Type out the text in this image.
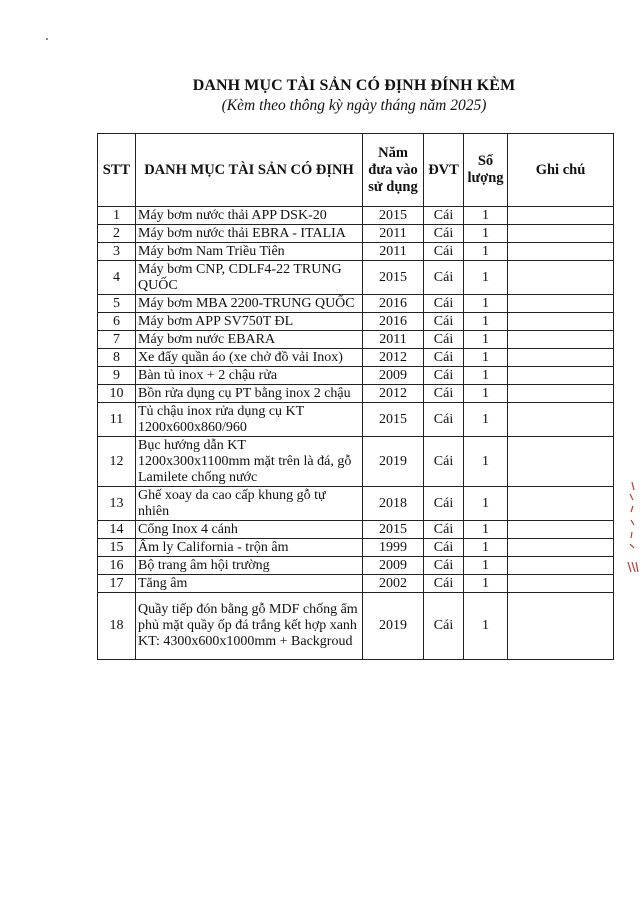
DANH MỤC TÀI SẢN CÓ ĐỊNH ĐÍNH KÈM
(Kèm theo thông kỳ ngày tháng năm 2025)
STT	DANH MỤC TÀI SẢN CÓ ĐỊNH	Năm đưa vào sử dụng	ĐVT	Số lượng	Ghi chú
1	Máy bơm nước thải APP DSK-20	2015	Cái	1	
2	Máy bơm nước thải EBRA - ITALIA	2011	Cái	1	
3	Máy bơm Nam Triều Tiên	2011	Cái	1	
4	Máy bơm CNP, CDLF4-22 TRUNG QUỐC	2015	Cái	1	
5	Máy bơm MBA 2200-TRUNG QUỐC	2016	Cái	1	
6	Máy bơm APP SV750T ĐL	2016	Cái	1	
7	Máy bơm nước EBARA	2011	Cái	1	
8	Xe đẩy quần áo (xe chở đồ vải Inox)	2012	Cái	1	
9	Bàn tủ inox + 2 chậu rửa	2009	Cái	1	
10	Bồn rửa dụng cụ PT bằng inox 2 chậu	2012	Cái	1	
11	Tủ chậu inox rửa dụng cụ KT 1200x600x860/960	2015	Cái	1	
12	Bục hướng dẫn KT 1200x300x1100mm mặt trên là đá, gỗ Lamilete chống nước	2019	Cái	1	
13	Ghế xoay da cao cấp khung gỗ tự nhiên	2018	Cái	1	
14	Cổng Inox 4 cánh	2015	Cái	1	
15	Âm ly California - trộn âm	1999	Cái	1	
16	Bộ trang âm hội trường	2009	Cái	1	
17	Tăng âm	2002	Cái	1	
18	Quầy tiếp đón bằng gỗ MDF chống ẩm phủ mặt quầy ốp đá trắng kết hợp xanh KT: 4300x600x1000mm + Backgroud	2019	Cái	1	
